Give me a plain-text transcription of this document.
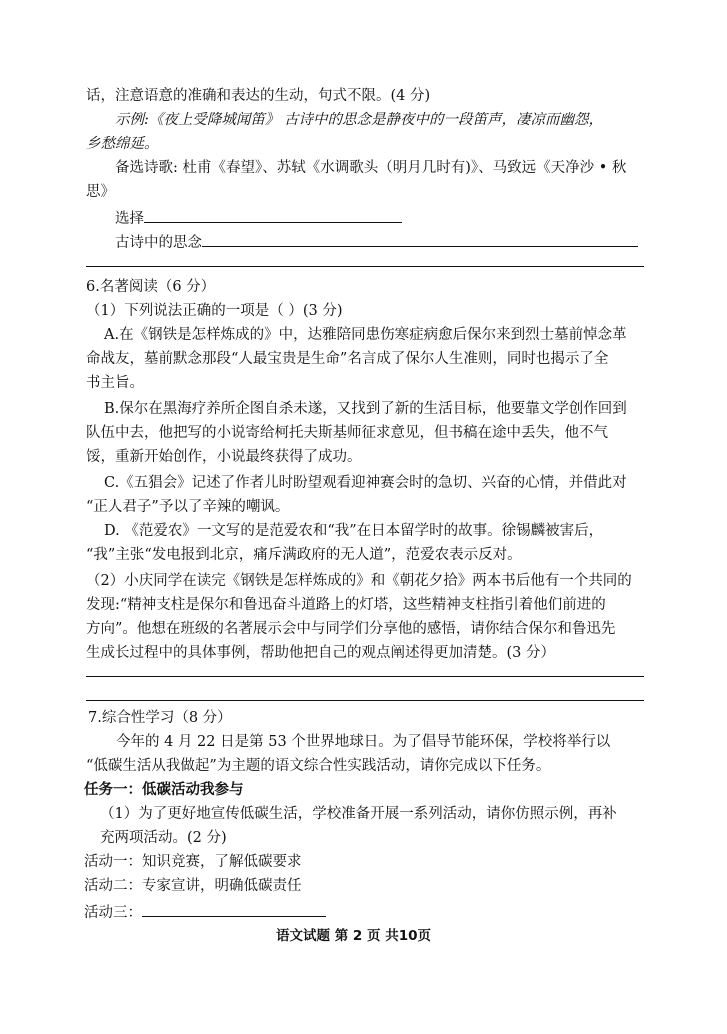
话，注意语意的准确和表达的生动，句式不限。(4 分)
示例:《夜上受降城闻笛》 古诗中的思念是静夜中的一段笛声，凄凉而幽怨，
乡愁绵延。
备选诗歌: 杜甫《春望》、苏轼《水调歌头（明月几时有)》、马致远《天净沙 • 秋
思》
选择
古诗中的思念
6.名著阅读（6 分）
（1）下列说法正确的一项是（ ）(3 分)
A.在《钢铁是怎样炼成的》中，达雅陪同患伤寒症病愈后保尔来到烈士墓前悼念革
命战友，墓前默念那段“人最宝贵是生命”名言成了保尔人生准则，同时也揭示了全
书主旨。
B.保尔在黑海疗养所企图自杀未遂，又找到了新的生活目标，他要靠文学创作回到
队伍中去，他把写的小说寄给柯托夫斯基师征求意见，但书稿在途中丢失，他不气
馁，重新开始创作，小说最终获得了成功。
C.《五猖会》记述了作者儿时盼望观看迎神赛会时的急切、兴奋的心情，并借此对
“正人君子”予以了辛辣的嘲讽。
D. 《范爱农》一文写的是范爱农和“我”在日本留学时的故事。徐锡麟被害后，
“我”主张“发电报到北京，痛斥满政府的无人道”，范爱农表示反对。
（2）小庆同学在读完《钢铁是怎样炼成的》和《朝花夕拾》两本书后他有一个共同的
发现:“精神支柱是保尔和鲁迅奋斗道路上的灯塔，这些精神支柱指引着他们前进的
方向”。他想在班级的名著展示会中与同学们分享他的感悟，请你结合保尔和鲁迅先
生成长过程中的具体事例，帮助他把自己的观点阐述得更加清楚。(3 分）
7.综合性学习（8 分）
今年的 4 月 22 日是第 53 个世界地球日。为了倡导节能环保，学校将举行以
“低碳生活从我做起”为主题的语文综合性实践活动，请你完成以下任务。
任务一：低碳活动我参与
（1）为了更好地宣传低碳生活，学校准备开展一系列活动，请你仿照示例，再补
充两项活动。(2 分)
活动一：知识竞赛，了解低碳要求
活动二：专家宣讲，明确低碳责任
活动三：
语文试题 第 2 页 共10页
